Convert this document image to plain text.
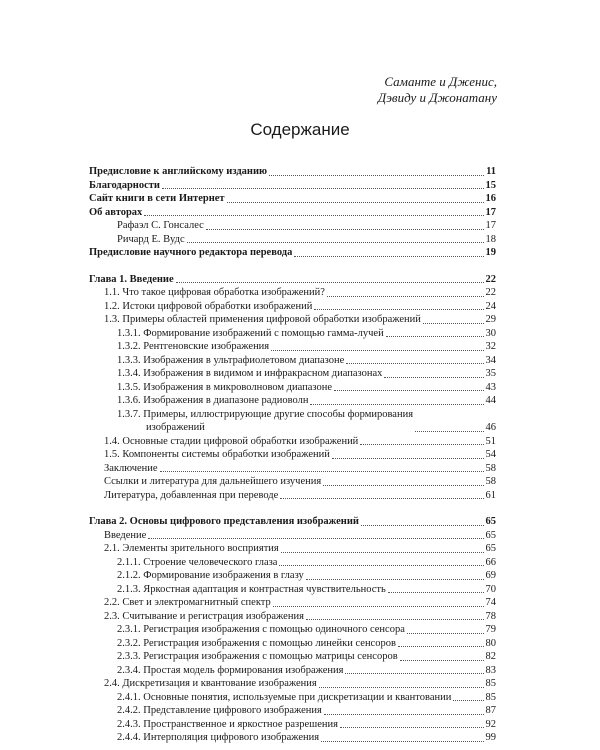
Саманте и Дженис,
Дэвиду и Джонатану
Содержание
Предисловие к английскому изданию	11
Благодарности	15
Сайт книги в сети Интернет	16
Об авторах	17
Рафаэл С. Гонсалес	17
Ричард Е. Вудс	18
Предисловие научного редактора перевода	19
Глава 1. Введение	22
1.1. Что такое цифровая обработка изображений?	22
1.2. Истоки цифровой обработки изображений	24
1.3. Примеры областей применения цифровой обработки изображений	29
1.3.1. Формирование изображений с помощью гамма-лучей	30
1.3.2. Рентгеновские изображения	32
1.3.3. Изображения в ультрафиолетовом диапазоне	34
1.3.4. Изображения в видимом и инфракрасном диапазонах	35
1.3.5. Изображения в микроволновом диапазоне	43
1.3.6. Изображения в диапазоне радиоволн	44
1.3.7. Примеры, иллюстрирующие другие способы формирования
изображений	46
1.4. Основные стадии цифровой обработки изображений	51
1.5. Компоненты системы обработки изображений	54
Заключение	58
Ссылки и литература для дальнейшего изучения	58
Литература, добавленная при переводе	61
Глава 2. Основы цифрового представления изображений	65
Введение	65
2.1. Элементы зрительного восприятия	65
2.1.1. Строение человеческого глаза	66
2.1.2. Формирование изображения в глазу	69
2.1.3. Яркостная адаптация и контрастная чувствительность	70
2.2. Свет и электромагнитный спектр	74
2.3. Считывание и регистрация изображения	78
2.3.1. Регистрация изображения с помощью одиночного сенсора	79
2.3.2. Регистрация изображения с помощью линейки сенсоров	80
2.3.3. Регистрация изображения с помощью матрицы сенсоров	82
2.3.4. Простая модель формирования изображения	83
2.4. Дискретизация и квантование изображения	85
2.4.1. Основные понятия, используемые при дискретизации и квантовании	85
2.4.2. Представление цифрового изображения	87
2.4.3. Пространственное и яркостное разрешения	92
2.4.4. Интерполяция цифрового изображения	99
